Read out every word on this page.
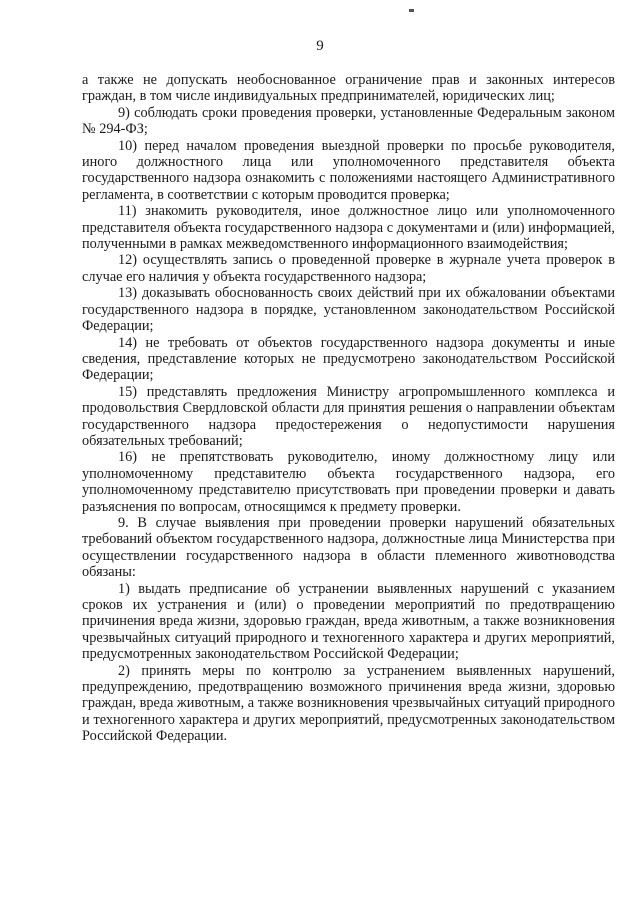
9

а также не допускать необоснованное ограничение прав и законных интересов граждан, в том числе индивидуальных предпринимателей, юридических лиц;

9) соблюдать сроки проведения проверки, установленные Федеральным законом № 294-ФЗ;

10) перед началом проведения выездной проверки по просьбе руководителя, иного должностного лица или уполномоченного представителя объекта государственного надзора ознакомить с положениями настоящего Административного регламента, в соответствии с которым проводится проверка;

11) знакомить руководителя, иное должностное лицо или уполномоченного представителя объекта государственного надзора с документами и (или) информацией, полученными в рамках межведомственного информационного взаимодействия;

12) осуществлять запись о проведенной проверке в журнале учета проверок в случае его наличия у объекта государственного надзора;

13) доказывать обоснованность своих действий при их обжаловании объектами государственного надзора в порядке, установленном законодательством Российской Федерации;

14) не требовать от объектов государственного надзора документы и иные сведения, представление которых не предусмотрено законодательством Российской Федерации;

15) представлять предложения Министру агропромышленного комплекса и продовольствия Свердловской области для принятия решения о направлении объектам государственного надзора предостережения о недопустимости нарушения обязательных требований;

16) не препятствовать руководителю, иному должностному лицу или уполномоченному представителю объекта государственного надзора, его уполномоченному представителю присутствовать при проведении проверки и давать разъяснения по вопросам, относящимся к предмету проверки.

9. В случае выявления при проведении проверки нарушений обязательных требований объектом государственного надзора, должностные лица Министерства при осуществлении государственного надзора в области племенного животноводства обязаны:

1) выдать предписание об устранении выявленных нарушений с указанием сроков их устранения и (или) о проведении мероприятий по предотвращению причинения вреда жизни, здоровью граждан, вреда животным, а также возникновения чрезвычайных ситуаций природного и техногенного характера и других мероприятий, предусмотренных законодательством Российской Федерации;

2) принять меры по контролю за устранением выявленных нарушений, предупреждению, предотвращению возможного причинения вреда жизни, здоровью граждан, вреда животным, а также возникновения чрезвычайных ситуаций природного и техногенного характера и других мероприятий, предусмотренных законодательством Российской Федерации.
